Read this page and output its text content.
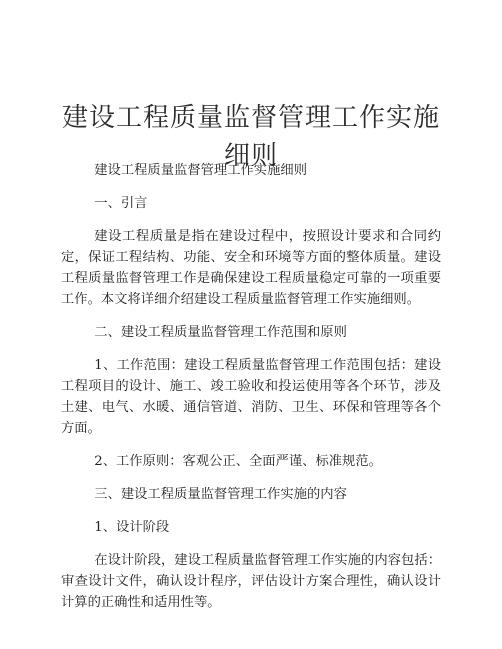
建设工程质量监督管理工作实施细则

建设工程质量监督管理工作实施细则

一、引言

建设工程质量是指在建设过程中，按照设计要求和合同约定，保证工程结构、功能、安全和环境等方面的整体质量。建设工程质量监督管理工作是确保建设工程质量稳定可靠的一项重要工作。本文将详细介绍建设工程质量监督管理工作实施细则。

二、建设工程质量监督管理工作范围和原则

1、工作范围：建设工程质量监督管理工作范围包括：建设工程项目的设计、施工、竣工验收和投运使用等各个环节，涉及土建、电气、水暖、通信管道、消防、卫生、环保和管理等各个方面。

2、工作原则：客观公正、全面严谨、标准规范。

三、建设工程质量监督管理工作实施的内容

1、设计阶段

在设计阶段，建设工程质量监督管理工作实施的内容包括：审查设计文件，确认设计程序，评估设计方案合理性，确认设计计算的正确性和适用性等。
